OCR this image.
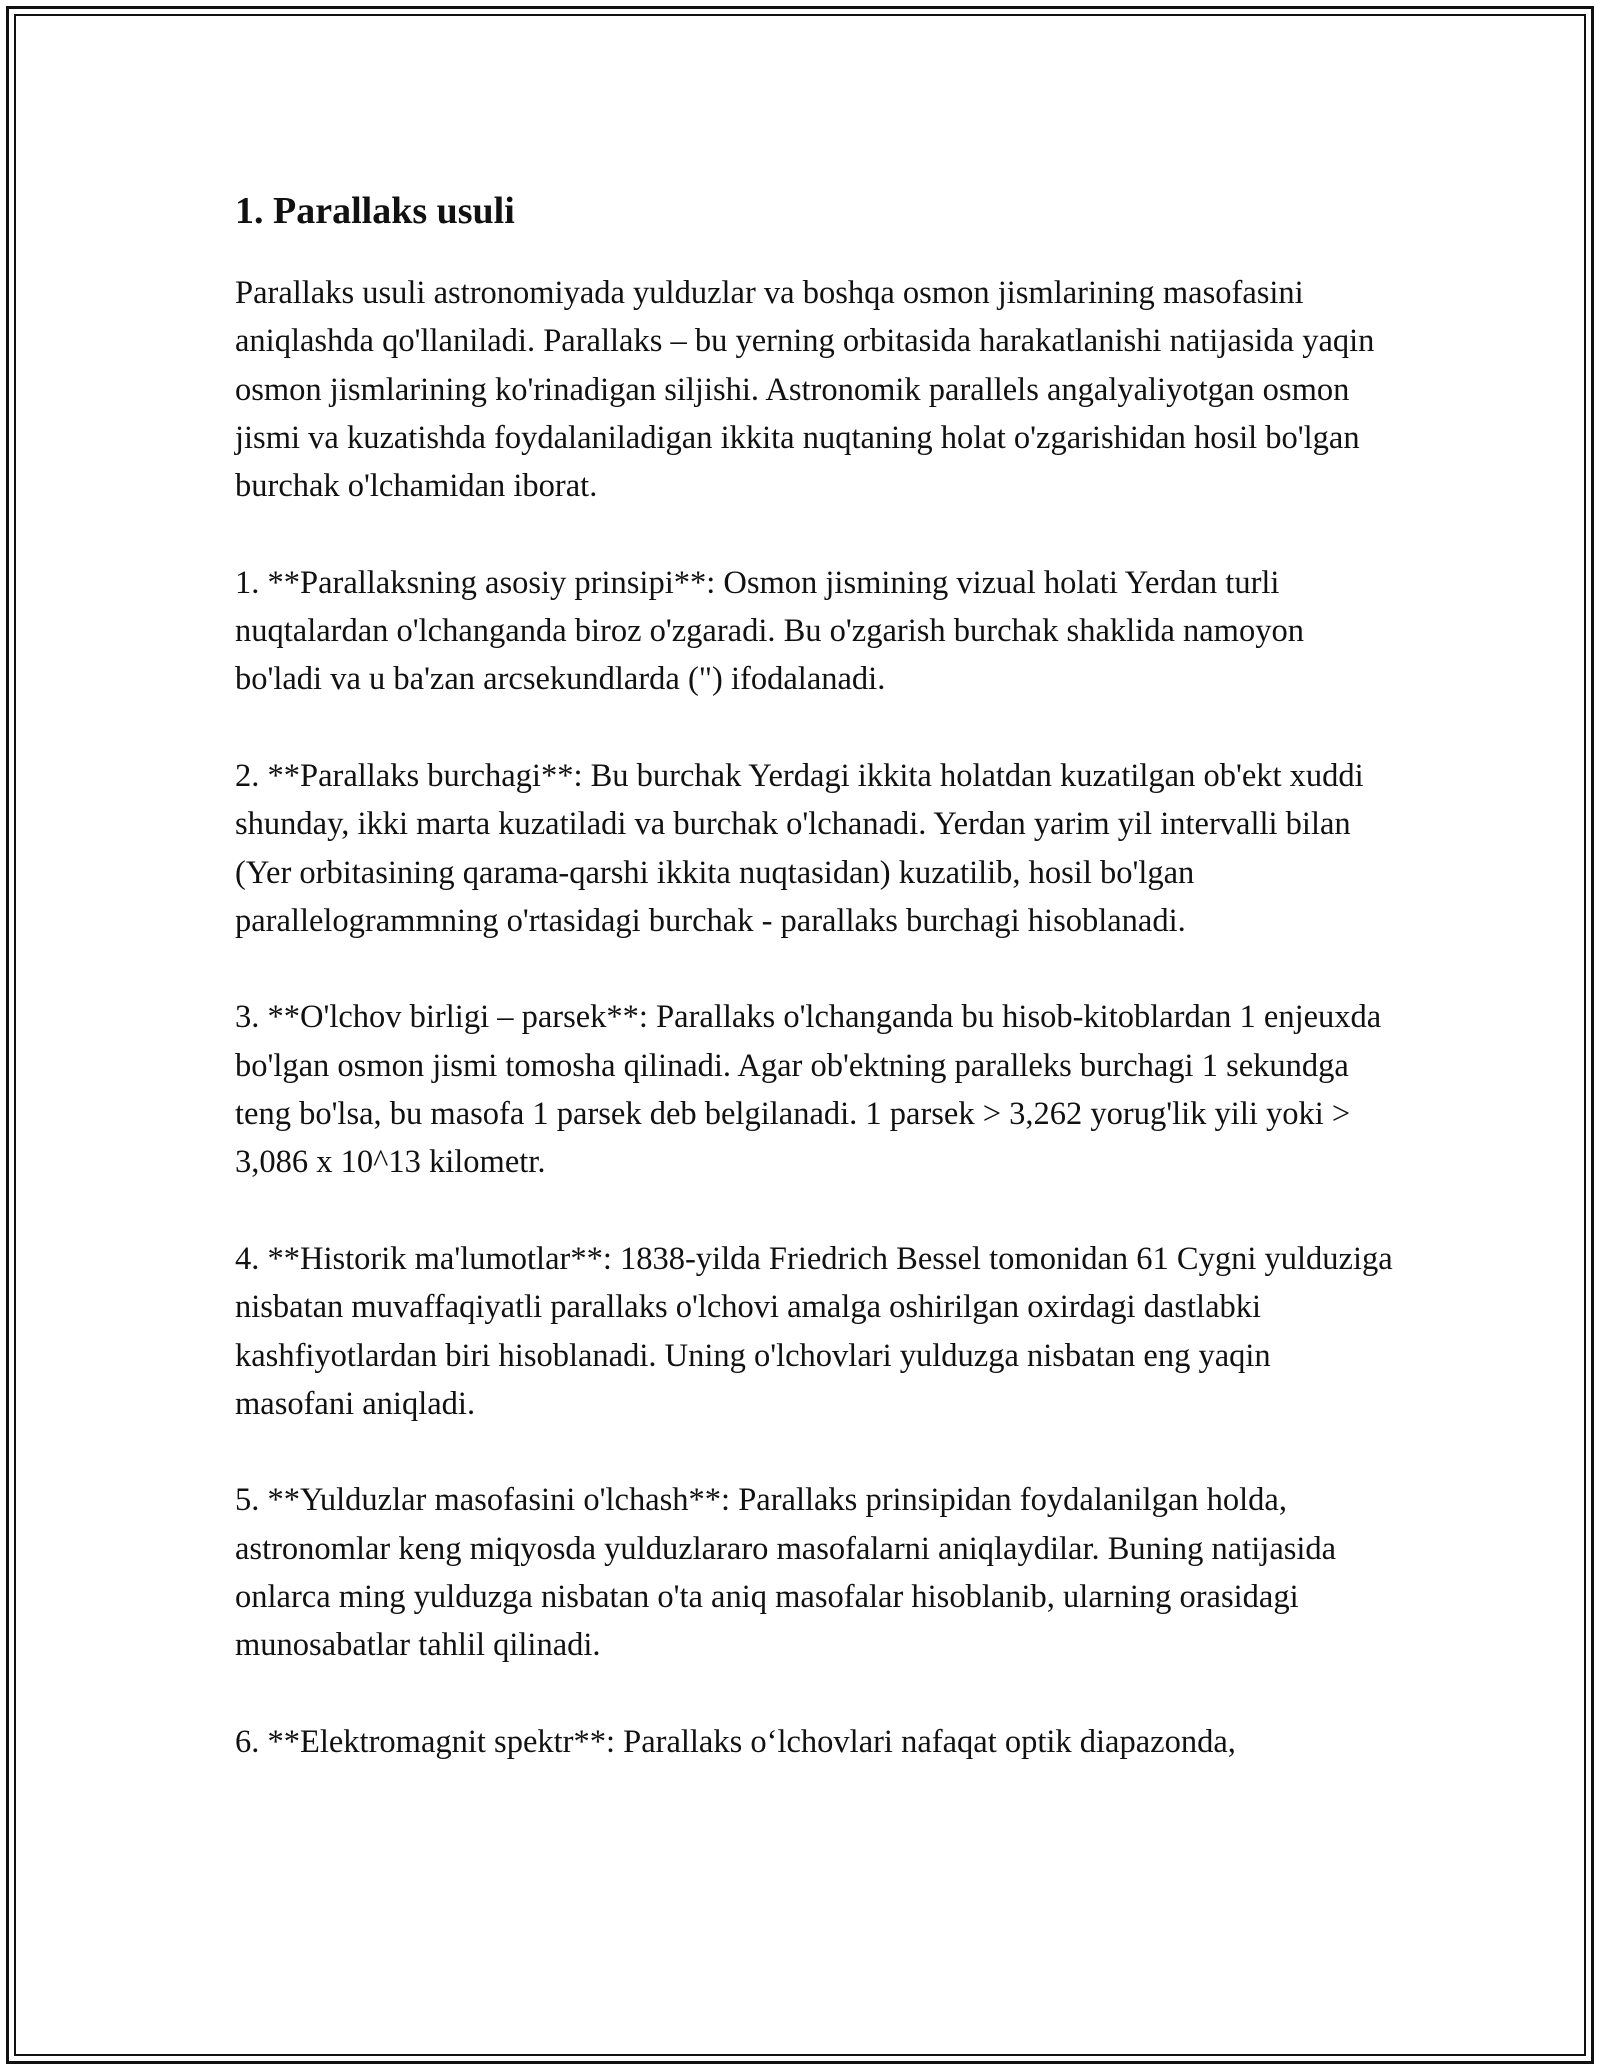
1. Parallaks usuli

Parallaks usuli astronomiyada yulduzlar va boshqa osmon jismlarining masofasini aniqlashda qo'llaniladi. Parallaks – bu yerning orbitasida harakatlanishi natijasida yaqin osmon jismlarining ko'rinadigan siljishi. Astronomik parallels angalyaliyotgan osmon jismi va kuzatishda foydalaniladigan ikkita nuqtaning holat o'zgarishidan hosil bo'lgan burchak o'lchamidan iborat.

1. **Parallaksning asosiy prinsipi**: Osmon jismining vizual holati Yerdan turli nuqtalardan o'lchanganda biroz o'zgaradi. Bu o'zgarish burchak shaklida namoyon bo'ladi va u ba'zan arcsekundlarda (") ifodalanadi.

2. **Parallaks burchagi**: Bu burchak Yerdagi ikkita holatdan kuzatilgan ob'ekt xuddi shunday, ikki marta kuzatiladi va burchak o'lchanadi. Yerdan yarim yil intervalli bilan (Yer orbitasining qarama-qarshi ikkita nuqtasidan) kuzatilib, hosil bo'lgan parallelogrammning o'rtasidagi burchak - parallaks burchagi hisoblanadi.

3. **O'lchov birligi – parsek**: Parallaks o'lchanganda bu hisob-kitoblardan 1 enjeuxda bo'lgan osmon jismi tomosha qilinadi. Agar ob'ektning paralleks burchagi 1 sekundga teng bo'lsa, bu masofa 1 parsek deb belgilanadi. 1 parsek > 3,262 yorug'lik yili yoki > 3,086 x 10^13 kilometr.

4. **Historik ma'lumotlar**: 1838-yilda Friedrich Bessel tomonidan 61 Cygni yulduziga nisbatan muvaffaqiyatli parallaks o'lchovi amalga oshirilgan oxirdagi dastlabki kashfiyotlardan biri hisoblanadi. Uning o'lchovlari yulduzga nisbatan eng yaqin masofani aniqladi.

5. **Yulduzlar masofasini o'lchash**: Parallaks prinsipidan foydalanilgan holda, astronomlar keng miqyosda yulduzlararo masofalarni aniqlaydilar. Buning natijasida onlarca ming yulduzga nisbatan o'ta aniq masofalar hisoblanib, ularning orasidagi munosabatlar tahlil qilinadi.

6. **Elektromagnit spektr**: Parallaks o‘lchovlari nafaqat optik diapazonda,
